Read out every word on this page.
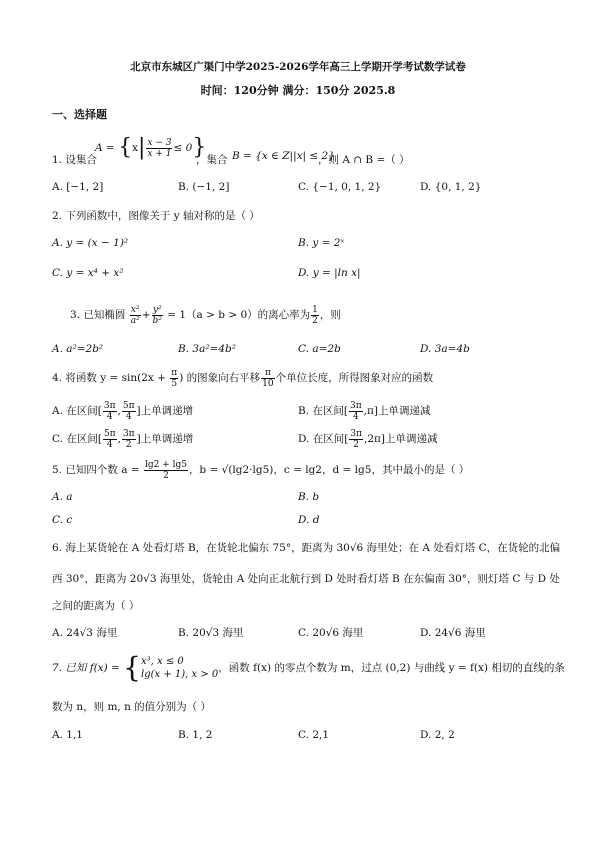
北京市东城区广渠门中学2025-2026学年高三上学期开学考试数学试卷
时间：120分钟 满分：150分 2025.8
一、选择题
1. 设集合
$A = \{x| \frac{x - 3}{x + 1} \le 0\}$
，集合 B = {x ∈ Z||x| ≤ 2}
，则 A ∩ B =（ ）
A. [−1, 2]	B. (−1, 2]	C. {−1, 0, 1, 2}	D. {0, 1, 2}
2. 下列函数中，图像关于 y 轴对称的是（ ）
A. y = (x − 1)²	B. y = 2ˣ
C. y = x⁴ + x²	D. y = |ln x|
3. 已知椭圆 $\frac{\text{x²}}{\text{a²}} + \frac{\text{y²}}{\text{b²}} = 1(a > b > 0)$的离心率为 $\frac{1}{2}$ ，则
A. a²=2b²	B. 3a²=4b²	C. a=2b	D. 3a=4b
4. 将函数 $y = \sin(2x + \frac{\pi}{5}$ ) 的图象向右平移 $\frac{\pi}{10}$ 个单位长度，所得图象对应的函数
A. 在区间[ $\frac{3\pi}{4}$ , $\frac{5\pi}{4}$ ]上单调递增	B. 在区间[ $\frac{3\pi}{4} ,\pi$]上单调递减
C. 在区间[ $\frac{5\pi}{4}$ , $\frac{3\pi}{2}$ ]上单调递增	D. 在区间[ $\frac{3\pi}{2} ,2\pi$]上单调递减
5. 已知四个数 $a = \frac{\lg 2 + \lg 5}{2}$ ，b = √(lg2·lg5)，c = lg2，d = lg5，其中最小的是（ ）
A. a	B. b
C. c	D. d
6. 海上某货轮在 A 处看灯塔 B，在货轮北偏东 75°，距离为 30√6 海里处；在 A 处看灯塔 C，在货轮的北偏
西 30°，距离为 20√3 海里处，货轮由 A 处向正北航行到 D 处时看灯塔 B 在东偏南 30°，则灯塔 C 与 D 处
之间的距离为（ ）
A. 24√3 海里	B. 20√3 海里	C. 20√6 海里	D. 24√6 海里
7. 已知 f(x) = { x³, x ≤ 0
lg(x + 1), x > 0
，函数 f(x) 的零点个数为 m，过点 (0,2) 与曲线 y = f(x) 相切的直线的条
数为 n，则 m, n 的值分别为（ ）
A. 1,1	B. 1, 2	C. 2,1	D. 2, 2
